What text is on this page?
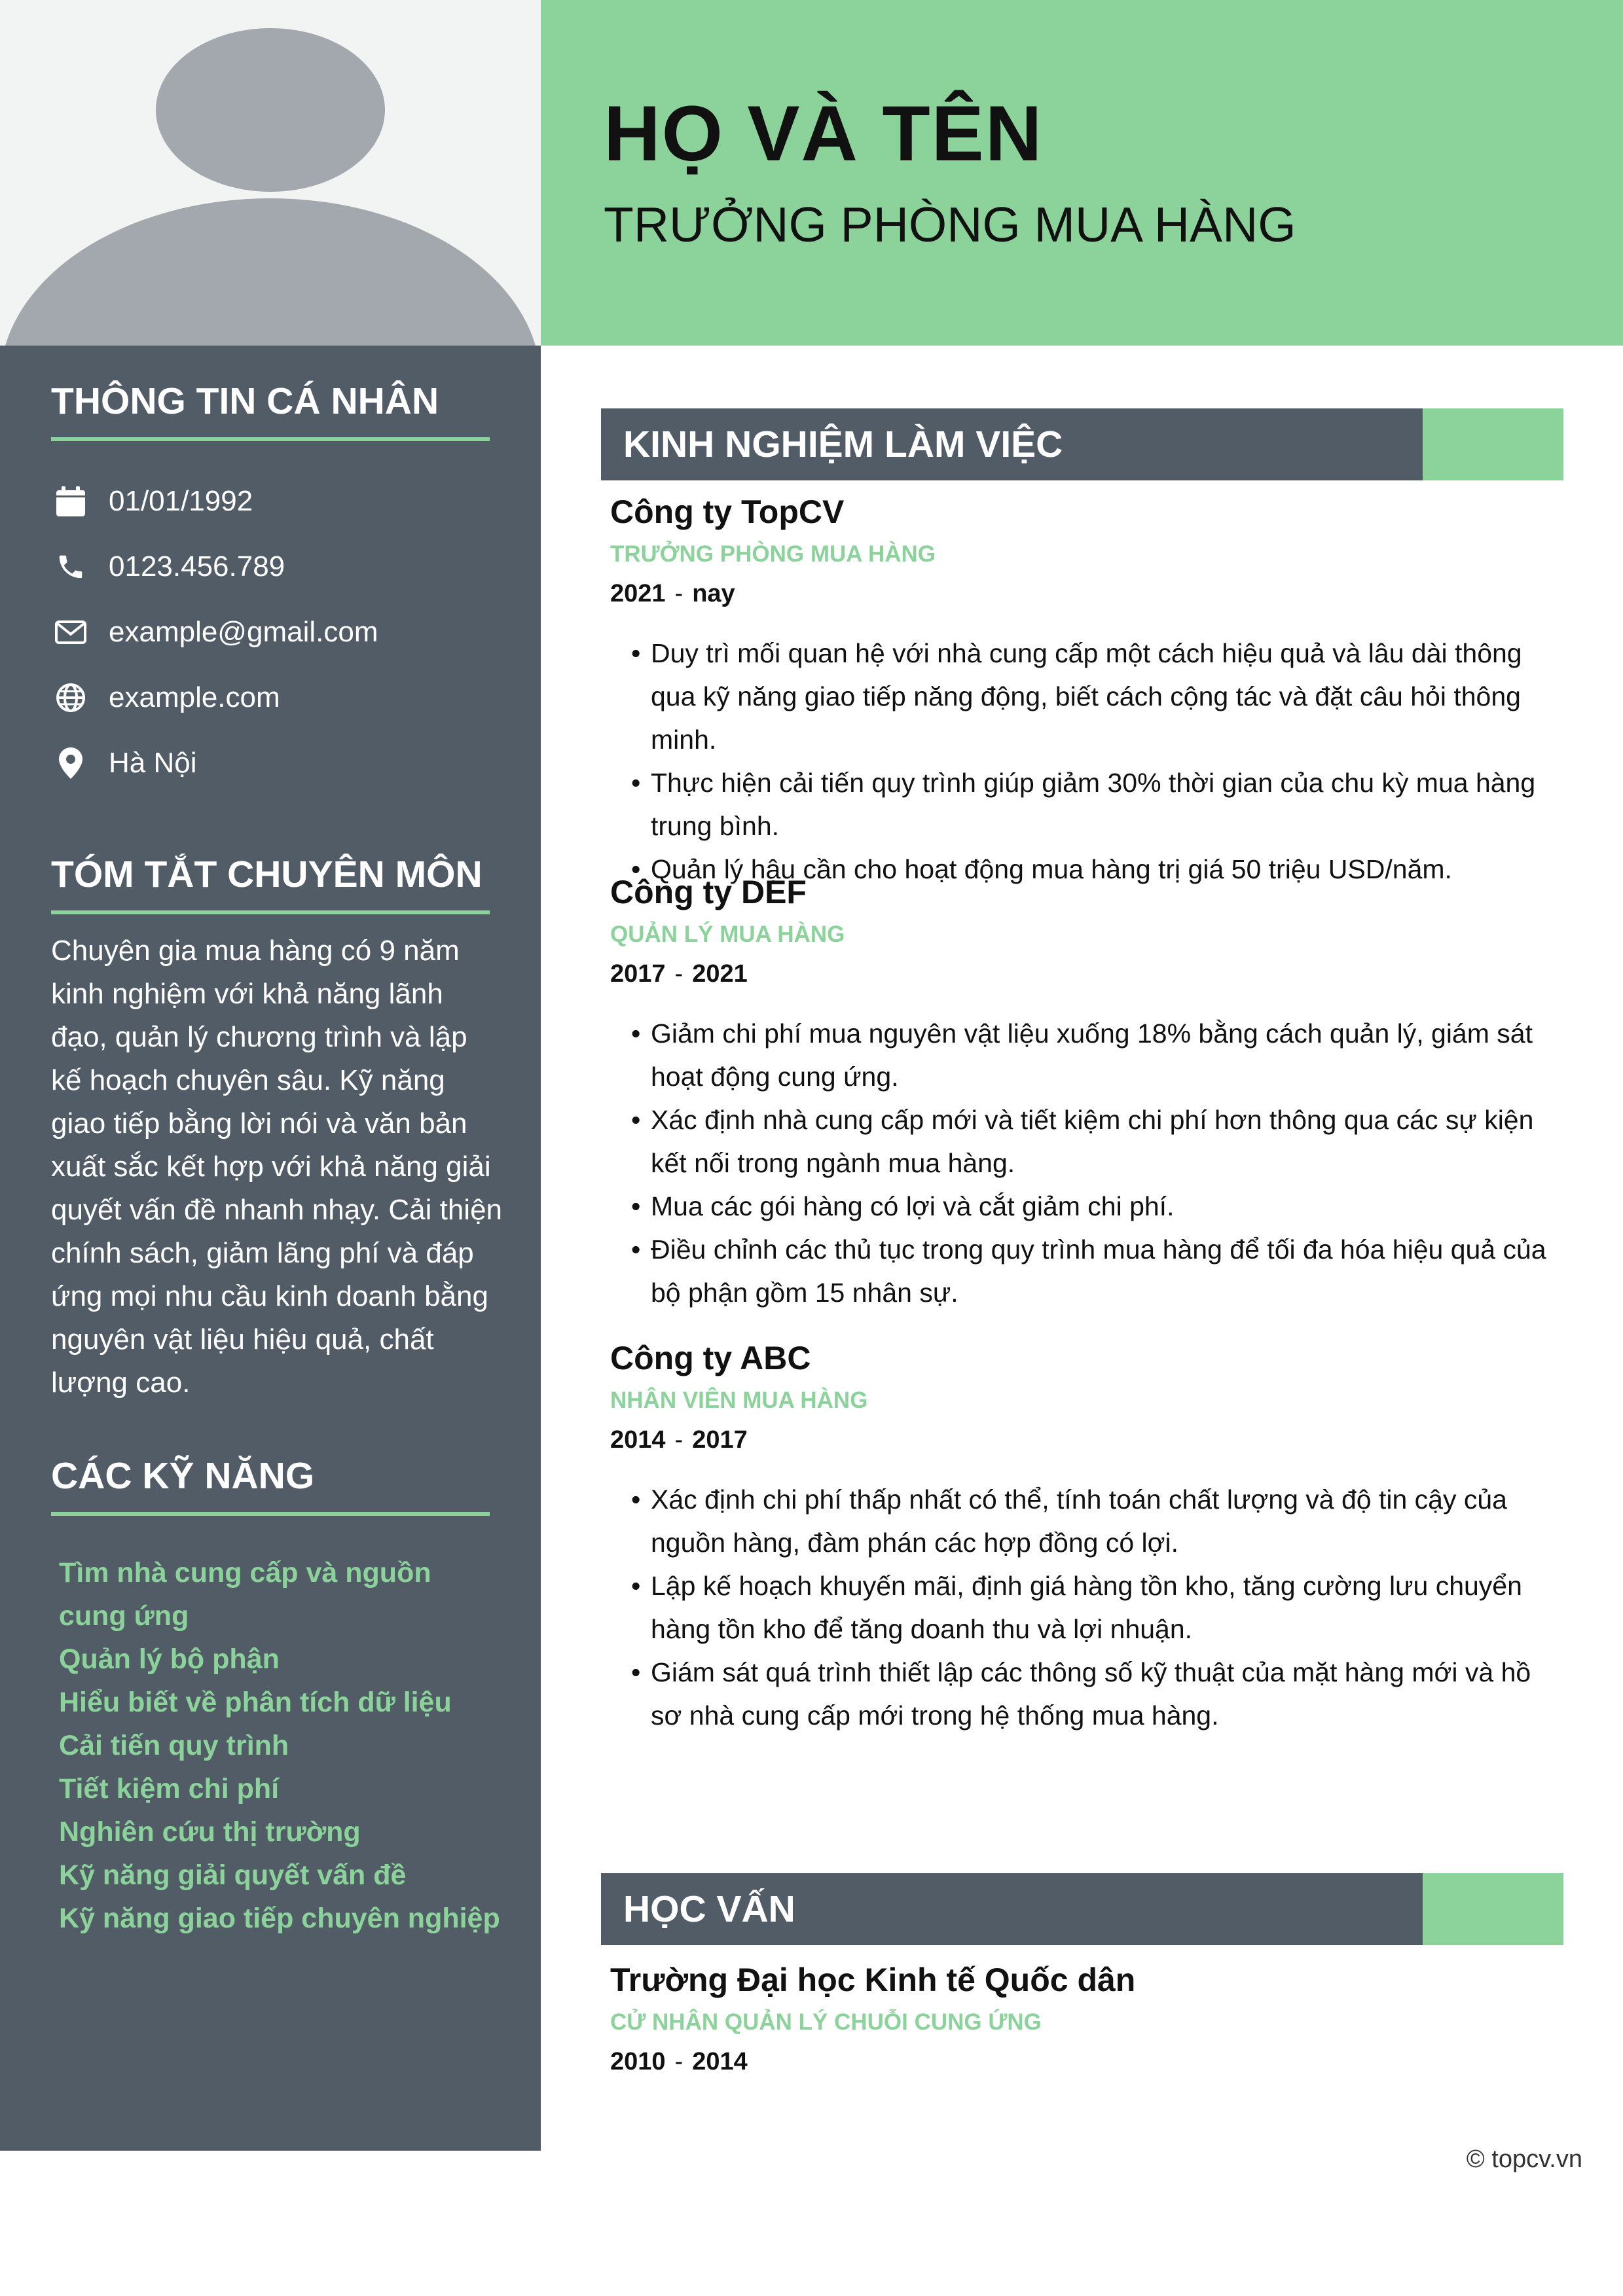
THÔNG TIN CÁ NHÂN
01/01/1992
0123.456.789
example@gmail.com
example.com
Hà Nội
TÓM TẮT CHUYÊN MÔN
Chuyên gia mua hàng có 9 năm kinh nghiệm với khả năng lãnh đạo, quản lý chương trình và lập kế hoạch chuyên sâu. Kỹ năng giao tiếp bằng lời nói và văn bản xuất sắc kết hợp với khả năng giải quyết vấn đề nhanh nhạy. Cải thiện chính sách, giảm lãng phí và đáp ứng mọi nhu cầu kinh doanh bằng nguyên vật liệu hiệu quả, chất lượng cao.
CÁC KỸ NĂNG
Tìm nhà cung cấp và nguồn cung ứng
Quản lý bộ phận
Hiểu biết về phân tích dữ liệu
Cải tiến quy trình
Tiết kiệm chi phí
Nghiên cứu thị trường
Kỹ năng giải quyết vấn đề
Kỹ năng giao tiếp chuyên nghiệp
HỌ VÀ TÊN
TRƯỞNG PHÒNG MUA HÀNG
KINH NGHIỆM LÀM VIỆC
Công ty TopCV
TRƯỞNG PHÒNG MUA HÀNG
2021 - nay
• Duy trì mối quan hệ với nhà cung cấp một cách hiệu quả và lâu dài thông qua kỹ năng giao tiếp năng động, biết cách cộng tác và đặt câu hỏi thông minh.
• Thực hiện cải tiến quy trình giúp giảm 30% thời gian của chu kỳ mua hàng trung bình.
• Quản lý hậu cần cho hoạt động mua hàng trị giá 50 triệu USD/năm.
Công ty DEF
QUẢN LÝ MUA HÀNG
2017 - 2021
• Giảm chi phí mua nguyên vật liệu xuống 18% bằng cách quản lý, giám sát hoạt động cung ứng.
• Xác định nhà cung cấp mới và tiết kiệm chi phí hơn thông qua các sự kiện kết nối trong ngành mua hàng.
• Mua các gói hàng có lợi và cắt giảm chi phí.
• Điều chỉnh các thủ tục trong quy trình mua hàng để tối đa hóa hiệu quả của bộ phận gồm 15 nhân sự.
Công ty ABC
NHÂN VIÊN MUA HÀNG
2014 - 2017
• Xác định chi phí thấp nhất có thể, tính toán chất lượng và độ tin cậy của nguồn hàng, đàm phán các hợp đồng có lợi.
• Lập kế hoạch khuyến mãi, định giá hàng tồn kho, tăng cường lưu chuyển hàng tồn kho để tăng doanh thu và lợi nhuận.
• Giám sát quá trình thiết lập các thông số kỹ thuật của mặt hàng mới và hồ sơ nhà cung cấp mới trong hệ thống mua hàng.
HỌC VẤN
Trường Đại học Kinh tế Quốc dân
CỬ NHÂN QUẢN LÝ CHUỖI CUNG ỨNG
2010 - 2014
© topcv.vn
